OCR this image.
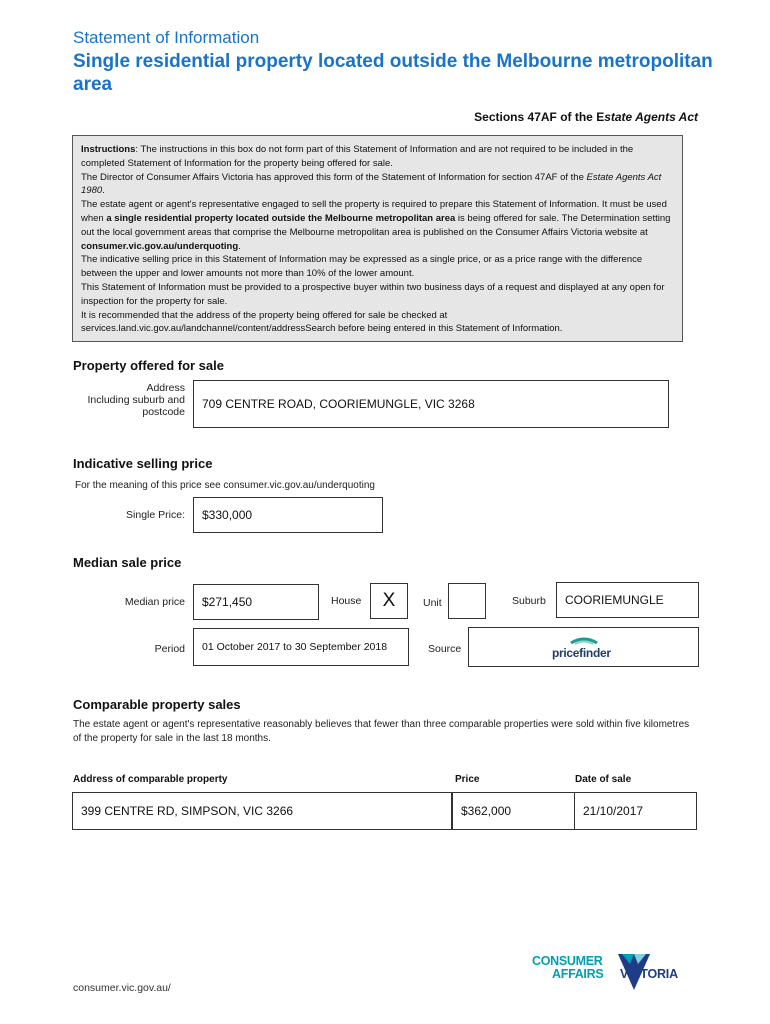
Statement of Information
Single residential property located outside the Melbourne metropolitan area
Sections 47AF of the Estate Agents Act

Instructions: The instructions in this box do not form part of this Statement of Information and are not required to be included in the completed Statement of Information for the property being offered for sale.

The Director of Consumer Affairs Victoria has approved this form of the Statement of Information for section 47AF of the Estate Agents Act 1980.

The estate agent or agent's representative engaged to sell the property is required to prepare this Statement of Information. It must be used when a single residential property located outside the Melbourne metropolitan area is being offered for sale. The Determination setting out the local government areas that comprise the Melbourne metropolitan area is published on the Consumer Affairs Victoria website at consumer.vic.gov.au/underquoting.

The indicative selling price in this Statement of Information may be expressed as a single price, or as a price range with the difference between the upper and lower amounts not more than 10% of the lower amount.

This Statement of Information must be provided to a prospective buyer within two business days of a request and displayed at any open for inspection for the property for sale.

It is recommended that the address of the property being offered for sale be checked at services.land.vic.gov.au/landchannel/content/addressSearch before being entered in this Statement of Information.

Property offered for sale
Address
Including suburb and
postcode
709 CENTRE ROAD, COORIEMUNGLE, VIC 3268
Indicative selling price
For the meaning of this price see consumer.vic.gov.au/underquoting
Single Price: $330,000
Median sale price
Median price $271,450	House X	Unit	Suburb COORIEMUNGLE
Period 01 October 2017 to 30 September 2018	Source	pricefinder
Comparable property sales
The estate agent or agent's representative reasonably believes that fewer than three comparable properties were sold within five kilometres of the property for sale in the last 18 months.
Address of comparable property	Price	Date of sale
399 CENTRE RD, SIMPSON, VIC 3266	$362,000	21/10/2017
consumer.vic.gov.au/
CONSUMER
AFFAIRS VICTORIA
